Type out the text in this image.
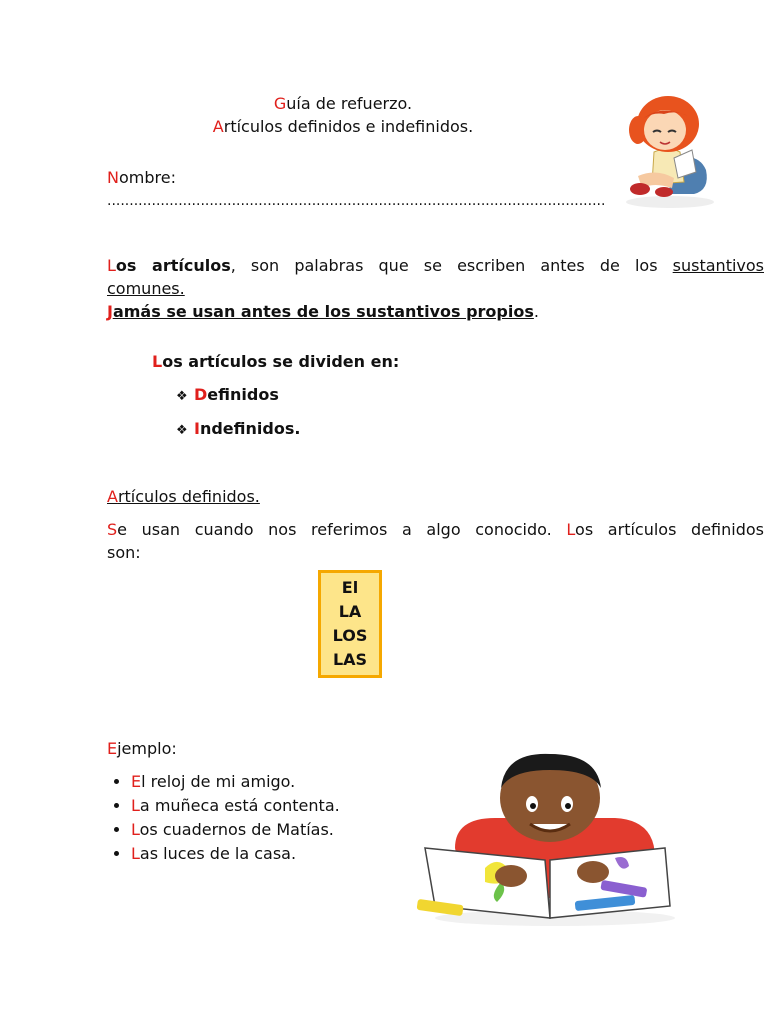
Guía de refuerzo.
Artículos definidos e indefinidos.
Nombre:
................................................................................................................
Los artículos, son palabras que se escriben antes de los sustantivos
comunes.
Jamás se usan antes de los sustantivos propios.
Los artículos se dividen en:
❖ Definidos
❖ Indefinidos.
Artículos definidos.
Se usan cuando nos referimos a algo conocido. Los artículos definidos
son:
El
LA
LOS
LAS
Ejemplo:
• El reloj de mi amigo.
• La muñeca está contenta.
• Los cuadernos de Matías.
• Las luces de la casa.
